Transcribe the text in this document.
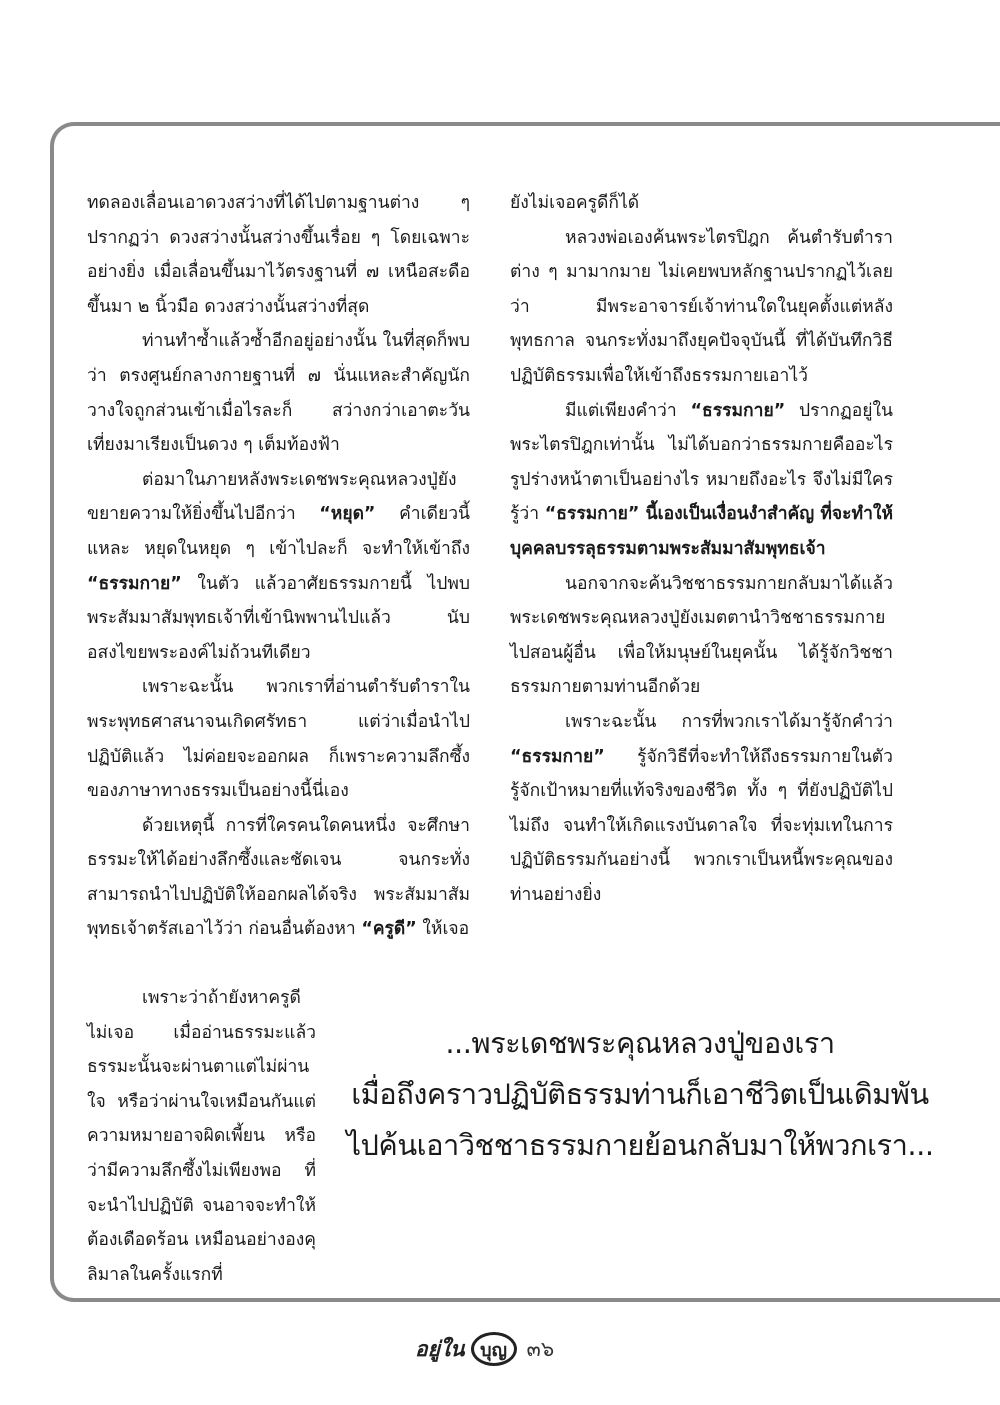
ทดลองเลื่อนเอาดวงสว่างที่ได้ไปตามฐานต่าง ๆ ปรากฏว่า ดวงสว่างนั้นสว่างขึ้นเรื่อย ๆ โดยเฉพาะอย่างยิ่ง เมื่อเลื่อนขึ้นมาไว้ตรงฐานที่ ๗ เหนือสะดือขึ้นมา ๒ นิ้วมือ ดวงสว่างนั้นสว่างที่สุด

ท่านทำซ้ำแล้วซ้ำอีกอยู่อย่างนั้น ในที่สุดก็พบว่า ตรงศูนย์กลางกายฐานที่ ๗ นั่นแหละสำคัญนัก วางใจถูกส่วนเข้าเมื่อไรละก็ สว่างกว่าเอาตะวันเที่ยงมาเรียงเป็นดวง ๆ เต็มท้องฟ้า

ต่อมาในภายหลังพระเดชพระคุณหลวงปู่ยังขยายความให้ยิ่งขึ้นไปอีกว่า “หยุด” คำเดียวนี้แหละ หยุดในหยุด ๆ เข้าไปละก็ จะทำให้เข้าถึง “ธรรมกาย” ในตัว แล้วอาศัยธรรมกายนี้ ไปพบพระสัมมาสัมพุทธเจ้าที่เข้านิพพานไปแล้ว นับอสงไขยพระองค์ไม่ถ้วนทีเดียว

เพราะฉะนั้น พวกเราที่อ่านตำรับตำราในพระพุทธศาสนาจนเกิดศรัทธา แต่ว่าเมื่อนำไปปฏิบัติแล้ว ไม่ค่อยจะออกผล ก็เพราะความลึกซึ้งของภาษาทางธรรมเป็นอย่างนี้นี่เอง

ด้วยเหตุนี้ การที่ใครคนใดคนหนึ่ง จะศึกษาธรรมะให้ได้อย่างลึกซึ้งและชัดเจน จนกระทั่งสามารถนำไปปฏิบัติให้ออกผลได้จริง พระสัมมาสัมพุทธเจ้าตรัสเอาไว้ว่า ก่อนอื่นต้องหา “ครูดี” ให้เจอ

เพราะว่าถ้ายังหาครูดีไม่เจอ เมื่ออ่านธรรมะแล้ว ธรรมะนั้นจะผ่านตาแต่ไม่ผ่านใจ หรือว่าผ่านใจเหมือนกันแต่ความหมายอาจผิดเพี้ยน หรือว่ามีความลึกซึ้งไม่เพียงพอ ที่จะนำไปปฏิบัติ จนอาจจะทำให้ต้องเดือดร้อน เหมือนอย่างองคุลิมาลในครั้งแรกที่

ยังไม่เจอครูดีก็ได้

หลวงพ่อเองค้นพระไตรปิฎก ค้นตำรับตำราต่าง ๆ มามากมาย ไม่เคยพบหลักฐานปรากฏไว้เลยว่า มีพระอาจารย์เจ้าท่านใดในยุคตั้งแต่หลังพุทธกาล จนกระทั่งมาถึงยุคปัจจุบันนี้ ที่ได้บันทึกวิธีปฏิบัติธรรมเพื่อให้เข้าถึงธรรมกายเอาไว้

มีแต่เพียงคำว่า “ธรรมกาย” ปรากฏอยู่ในพระไตรปิฎกเท่านั้น ไม่ได้บอกว่าธรรมกายคืออะไร รูปร่างหน้าตาเป็นอย่างไร หมายถึงอะไร จึงไม่มีใครรู้ว่า “ธรรมกาย” นี้เองเป็นเงื่อนงำสำคัญ ที่จะทำให้บุคคลบรรลุธรรมตามพระสัมมาสัมพุทธเจ้า

นอกจากจะค้นวิชชาธรรมกายกลับมาได้แล้ว พระเดชพระคุณหลวงปู่ยังเมตตานำวิชชาธรรมกายไปสอนผู้อื่น เพื่อให้มนุษย์ในยุคนั้น ได้รู้จักวิชชาธรรมกายตามท่านอีกด้วย

เพราะฉะนั้น การที่พวกเราได้มารู้จักคำว่า “ธรรมกาย” รู้จักวิธีที่จะทำให้ถึงธรรมกายในตัว รู้จักเป้าหมายที่แท้จริงของชีวิต ทั้ง ๆ ที่ยังปฏิบัติไปไม่ถึง จนทำให้เกิดแรงบันดาลใจ ที่จะทุ่มเทในการปฏิบัติธรรมกันอย่างนี้ พวกเราเป็นหนี้พระคุณของท่านอย่างยิ่ง

...พระเดชพระคุณหลวงปู่ของเรา
เมื่อถึงคราวปฏิบัติธรรมท่านก็เอาชีวิตเป็นเดิมพัน
ไปค้นเอาวิชชาธรรมกายย้อนกลับมาให้พวกเรา...
อยู่ใน บุญ ๓๖
